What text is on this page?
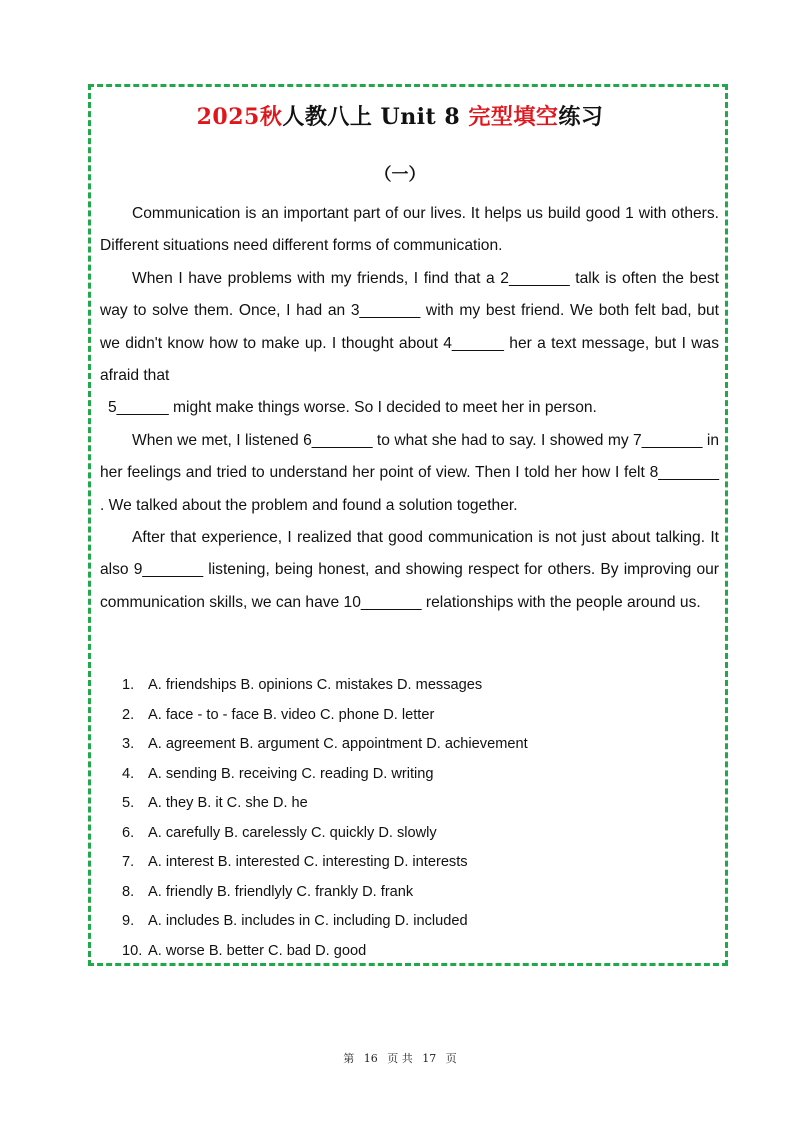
2025秋人教八上 Unit 8 完型填空练习
（一）

Communication is an important part of our lives. It helps us build good 1 with others. Different situations need different forms of communication.

When I have problems with my friends, I find that a 2_______ talk is often the best way to solve them. Once, I had an 3_______ with my best friend. We both felt bad, but we didn't know how to make up. I thought about 4______ her a text message, but I was afraid that

5______ might make things worse. So I decided to meet her in person.

When we met, I listened 6_______ to what she had to say. I showed my 7_______ in her feelings and tried to understand her point of view. Then I told her how I felt 8_______ . We talked about the problem and found a solution together.

After that experience, I realized that good communication is not just about talking. It also 9_______ listening, being honest, and showing respect for others. By improving our communication skills, we can have 10_______ relationships with the people around us.

1. A. friendships B. opinions C. mistakes D. messages
2. A. face - to - face B. video C. phone D. letter
3. A. agreement B. argument C. appointment D. achievement
4. A. sending B. receiving C. reading D. writing
5. A. they B. it C. she D. he
6. A. carefully B. carelessly C. quickly D. slowly
7. A. interest B. interested C. interesting D. interests
8. A. friendly B. friendlyly C. frankly D. frank
9. A. includes B. includes in C. including D. included
10. A. worse B. better C. bad D. good
第 16 页 共 17 页
